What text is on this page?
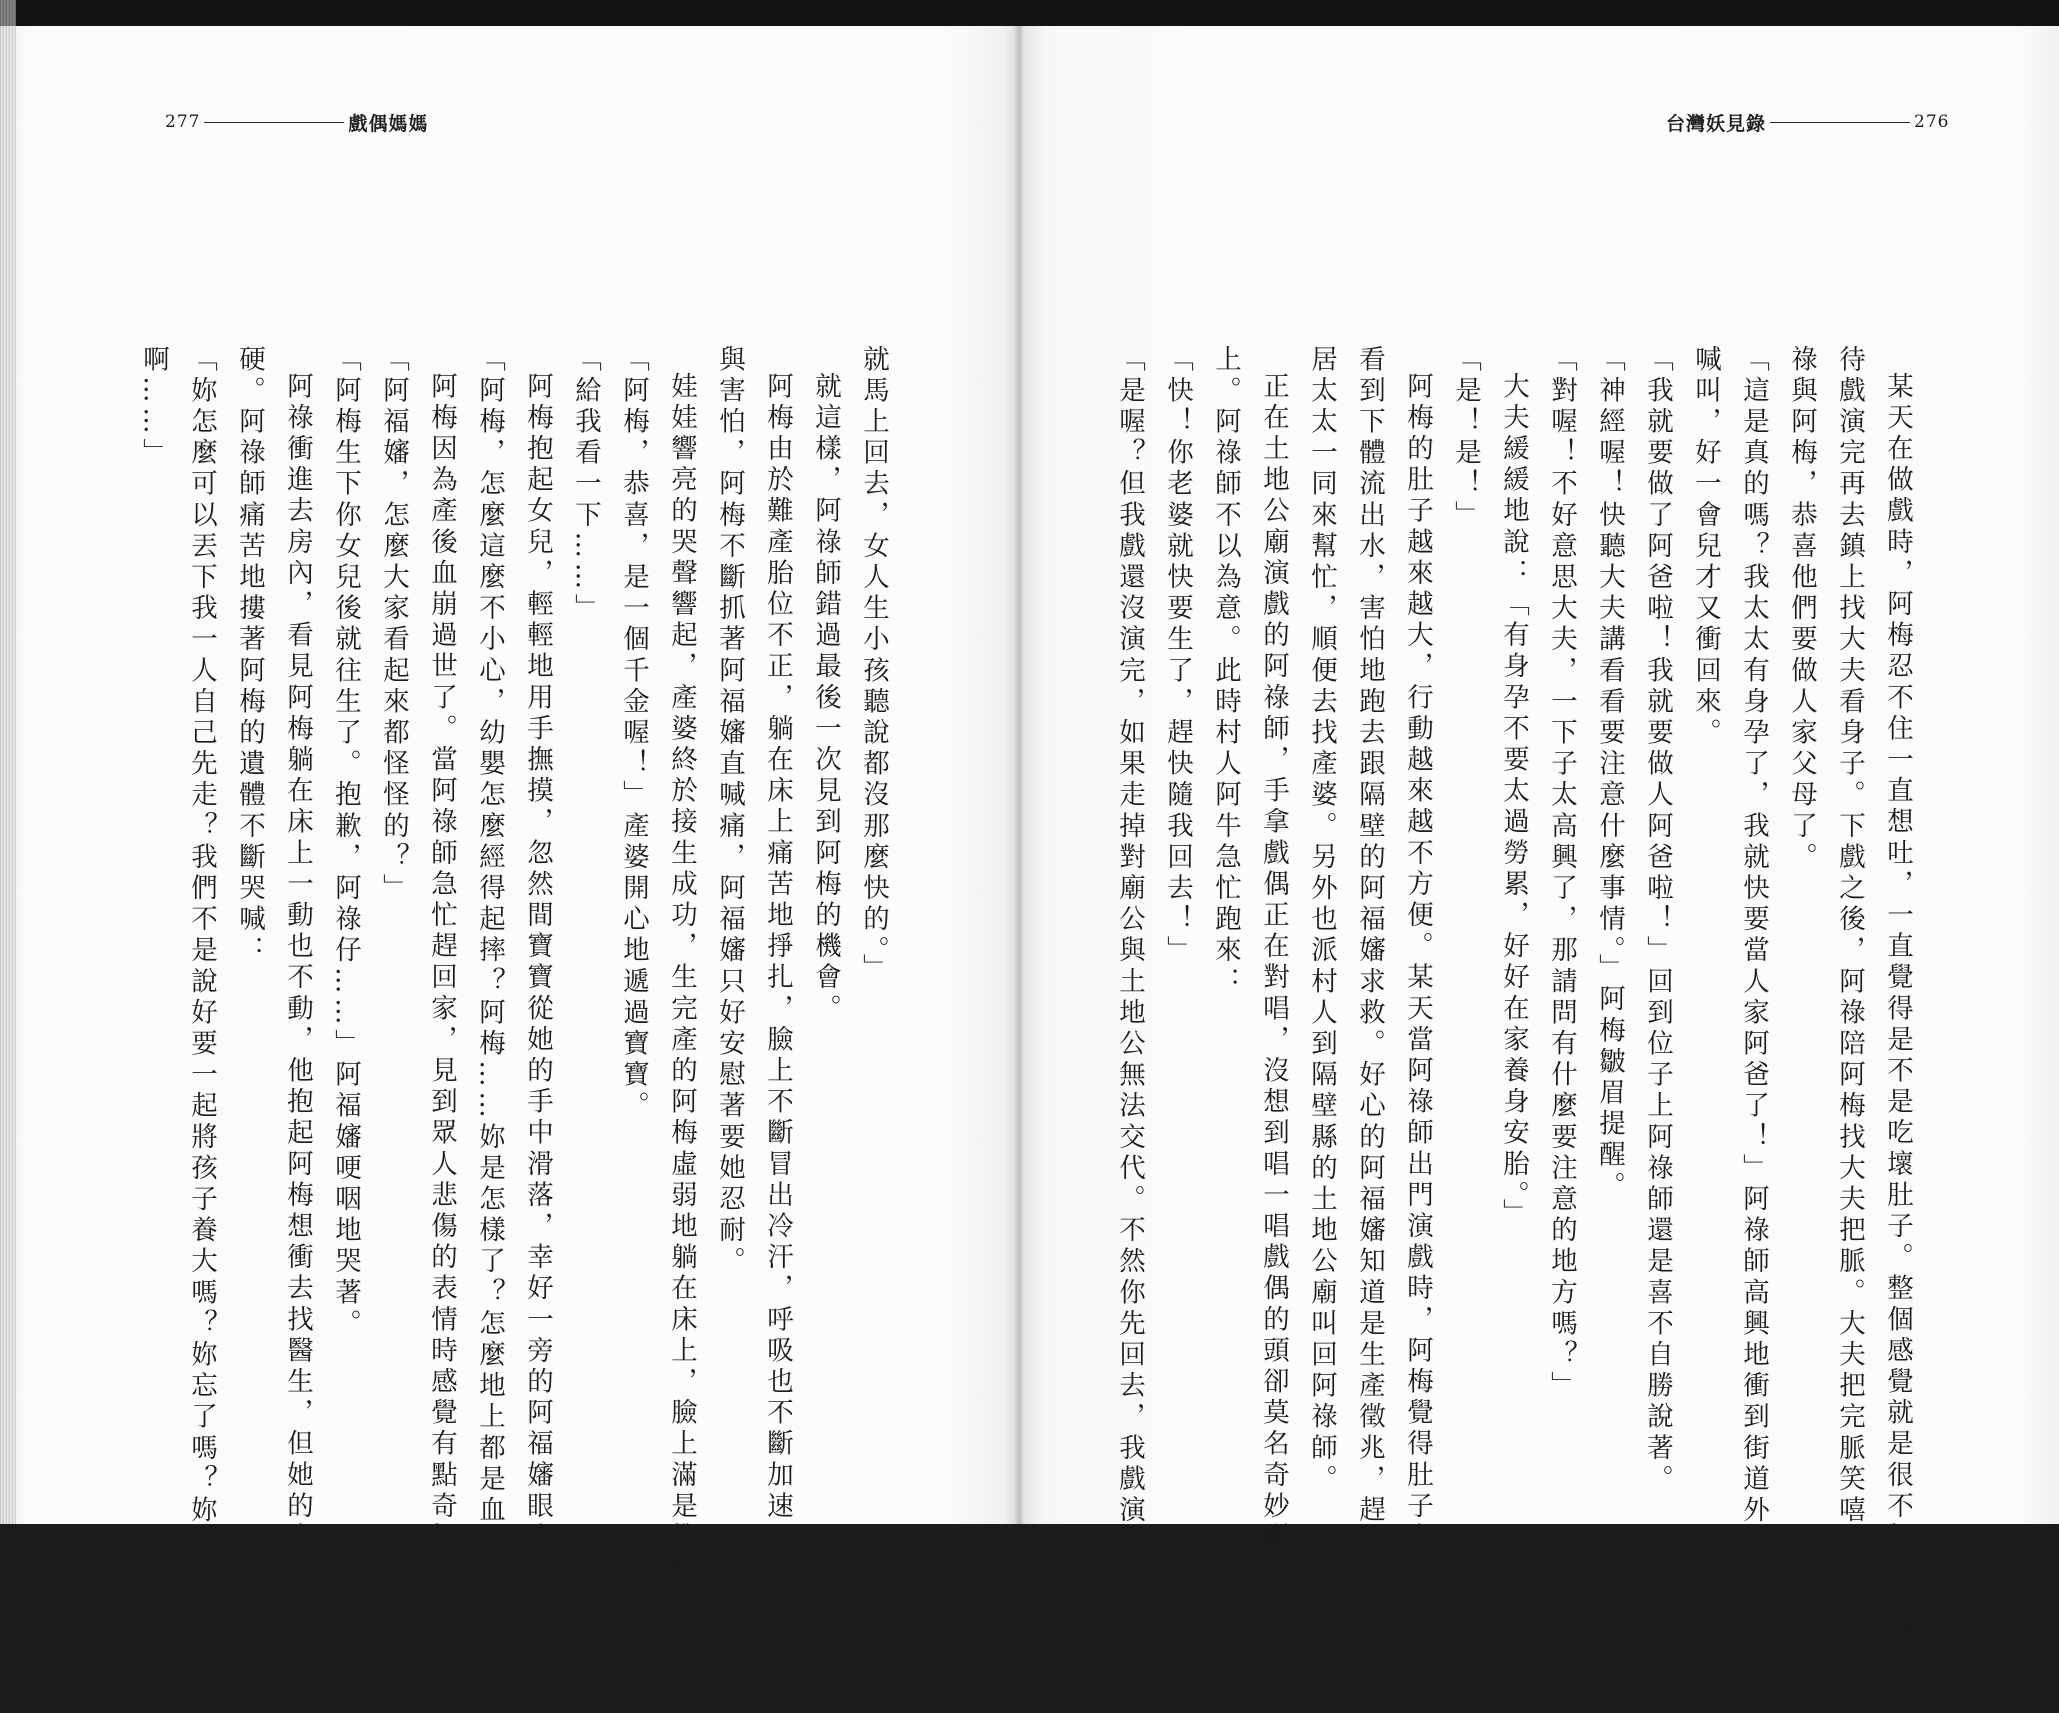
277	戲偶媽媽

就馬上回去，女人生小孩聽說都沒那麼快的。」

就這樣，阿祿師錯過最後一次見到阿梅的機會。

阿梅由於難產胎位不正，躺在床上痛苦地掙扎，臉上不斷冒出冷汗，呼吸也不斷加速。由於恐懼

與害怕，阿梅不斷抓著阿福嬸直喊痛，阿福嬸只好安慰著要她忍耐。

娃娃響亮的哭聲響起，產婆終於接生成功，生完產的阿梅虛弱地躺在床上，臉上滿是憔悴。

「阿梅，恭喜，是一個千金喔！」產婆開心地遞過寶寶。

「給我看一下……」

阿梅抱起女兒，輕輕地用手撫摸，忽然間寶寶從她的手中滑落，幸好一旁的阿福嬸眼尖接住。

「阿梅，怎麼這麼不小心，幼嬰怎麼經得起摔？阿梅……妳是怎樣了？怎麼地上都是血？救人啊！」

阿梅因為產後血崩過世了。當阿祿師急忙趕回家，見到眾人悲傷的表情時感覺有點奇怪，便問：

「阿福嬸，怎麼大家看起來都怪怪的？」

「阿梅生下你女兒後就往生了。抱歉，阿祿仔……」阿福嬸哽咽地哭著。

阿祿衝進去房內，看見阿梅躺在床上一動也不動，他抱起阿梅想衝去找醫生，但她的身子已經僵

硬。阿祿師痛苦地摟著阿梅的遺體不斷哭喊：

「妳怎麼可以丟下我一人自己先走？我們不是說好要一起將孩子養大嗎？妳忘了嗎？妳快點醒醒

啊……」

台灣妖見錄	276

某天在做戲時，阿梅忍不住一直想吐，一直覺得是不是吃壞肚子。整個感覺就是很不好受。她想

待戲演完再去鎮上找大夫看身子。下戲之後，阿祿陪阿梅找大夫把脈。大夫把完脈笑嘻嘻地看著跟阿

祿與阿梅，恭喜他們要做人家父母了。

「這是真的嗎？我太太有身孕了，我就快要當人家阿爸了！」阿祿師高興地衝到街道外到處嚷嚷

喊叫，好一會兒才又衝回來。

「我就要做了阿爸啦！我就要做人阿爸啦！」回到位子上阿祿師還是喜不自勝說著。

「神經喔！快聽大夫講看看要注意什麼事情。」阿梅皺眉提醒。

「對喔！不好意思大夫，一下子太高興了，那請問有什麼要注意的地方嗎？」

大夫緩緩地說：「有身孕不要太過勞累，好好在家養身安胎。」

「是！是！」

阿梅的肚子越來越大，行動越來越不方便。某天當阿祿師出門演戲時，阿梅覺得肚子有點陣痛，

看到下體流出水，害怕地跑去跟隔壁的阿福嬸求救。好心的阿福嬸知道是生產徵兆，趕緊拜託街坊鄰

居太太一同來幫忙，順便去找產婆。另外也派村人到隔壁縣的土地公廟叫回阿祿師。

正在土地公廟演戲的阿祿師，手拿戲偶正在對唱，沒想到唱一唱戲偶的頭卻莫名奇妙斷落在地

上。阿祿師不以為意。此時村人阿牛急忙跑來：

「快！你老婆就快要生了，趕快隨我回去！」

「是喔？但我戲還沒演完，如果走掉對廟公與土地公無法交代。不然你先回去，我戲演完收好後
